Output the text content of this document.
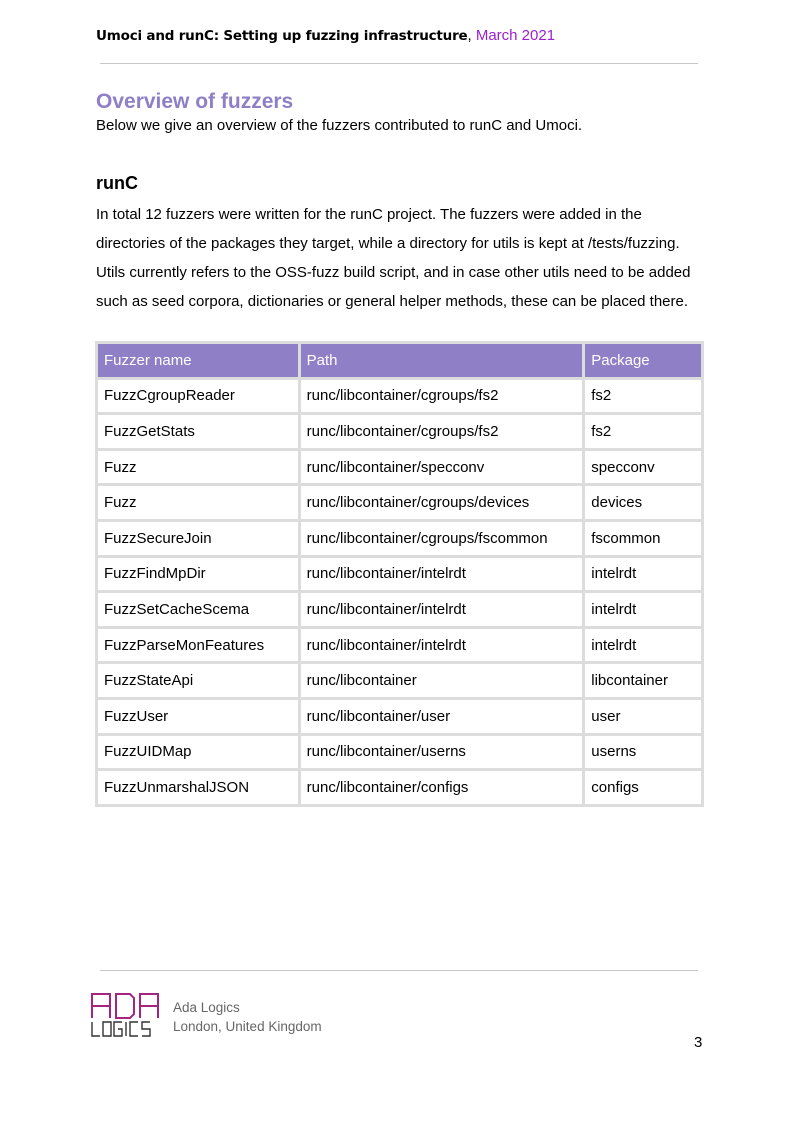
Umoci and runC: Setting up fuzzing infrastructure, March 2021
Overview of fuzzers
Below we give an overview of the fuzzers contributed to runC and Umoci.
runC
In total 12 fuzzers were written for the runC project. The fuzzers were added in the
directories of the packages they target, while a directory for utils is kept at /tests/fuzzing.
Utils currently refers to the OSS-fuzz build script, and in case other utils need to be added
such as seed corpora, dictionaries or general helper methods, these can be placed there.
Fuzzer name	Path	Package
FuzzCgroupReader	runc/libcontainer/cgroups/fs2	fs2
FuzzGetStats	runc/libcontainer/cgroups/fs2	fs2
Fuzz	runc/libcontainer/specconv	specconv
Fuzz	runc/libcontainer/cgroups/devices	devices
FuzzSecureJoin	runc/libcontainer/cgroups/fscommon	fscommon
FuzzFindMpDir	runc/libcontainer/intelrdt	intelrdt
FuzzSetCacheScema	runc/libcontainer/intelrdt	intelrdt
FuzzParseMonFeatures	runc/libcontainer/intelrdt	intelrdt
FuzzStateApi	runc/libcontainer	libcontainer
FuzzUser	runc/libcontainer/user	user
FuzzUIDMap	runc/libcontainer/userns	userns
FuzzUnmarshalJSON	runc/libcontainer/configs	configs
Ada Logics
London, United Kingdom
3
